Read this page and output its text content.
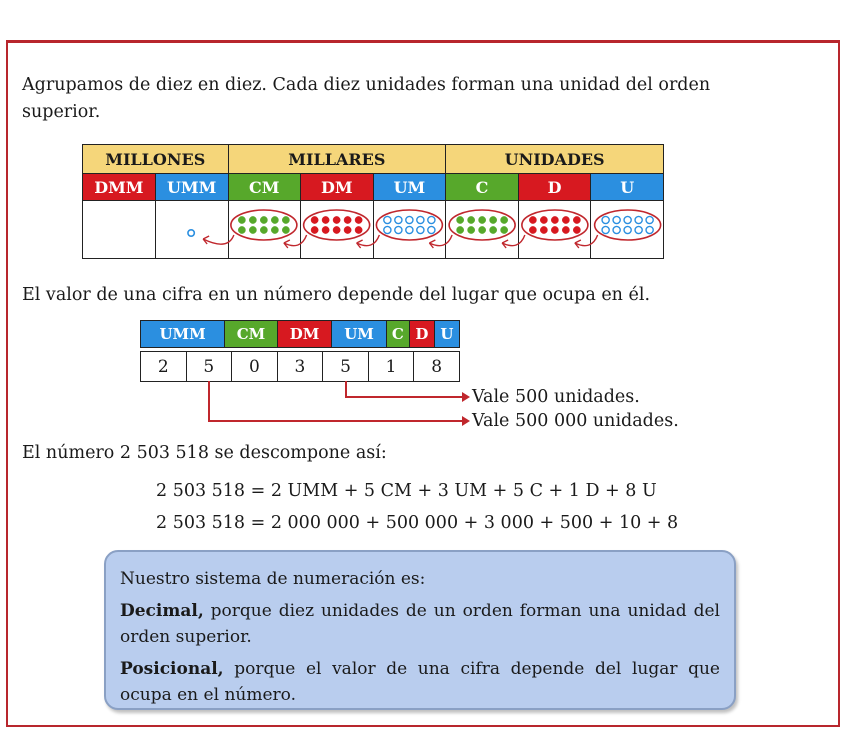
Agrupamos de diez en diez. Cada diez unidades forman una unidad del orden superior.
MILLONES		MILLARES			UNIDADES		
DMM	UMM	CM	DM	UM	C	D	U

El valor de una cifra en un número depende del lugar que ocupa en él.
UMM	CM	DM	UM	C	D	U
2	5	0	3	5	1	8
Vale 500 unidades.
Vale 500 000 unidades.
El número 2 503 518 se descompone así:
2 503 518 = 2 UMM + 5 CM + 3 UM + 5 C + 1 D + 8 U
2 503 518 = 2 000 000 + 500 000 + 3 000 + 500 + 10 + 8

Nuestro sistema de numeración es:

Decimal, porque diez unidades de un orden forman una unidad del orden superior.

Posicional, porque el valor de una cifra depende del lugar que ocupa en el número.
